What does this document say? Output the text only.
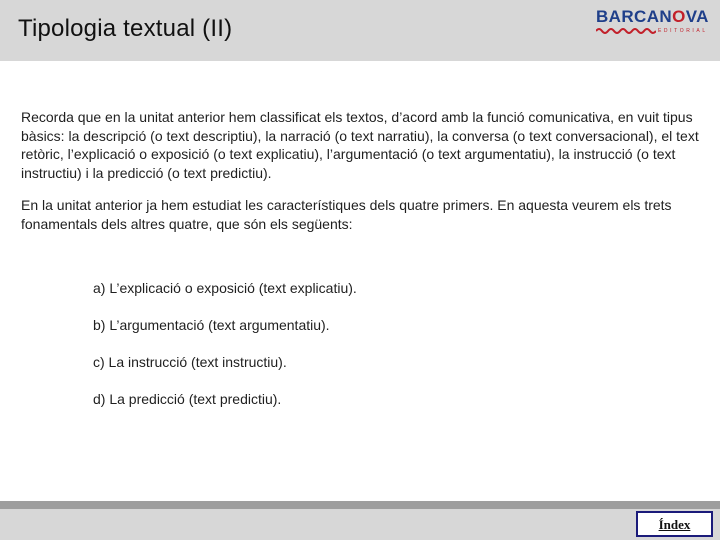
Tipologia textual (II)	BARCANOVA
EDITORIAL

Recorda que en la unitat anterior hem classificat els textos, d’acord amb la funció comunicativa, en vuit tipus bàsics: la descripció (o text descriptiu), la narració (o text narratiu), la conversa (o text conversacional), el text retòric, l’explicació o exposició (o text explicatiu), l’argumentació (o text argumentatiu), la instrucció (o text instructiu) i la predicció (o text predictiu).

En la unitat anterior ja hem estudiat les característiques dels quatre primers. En aquesta veurem els trets fonamentals dels altres quatre, que són els següents:

a) L’explicació o exposició (text explicatiu).
b) L’argumentació (text argumentatiu).
c) La instrucció (text instructiu).
d) La predicció (text predictiu).
Índex
